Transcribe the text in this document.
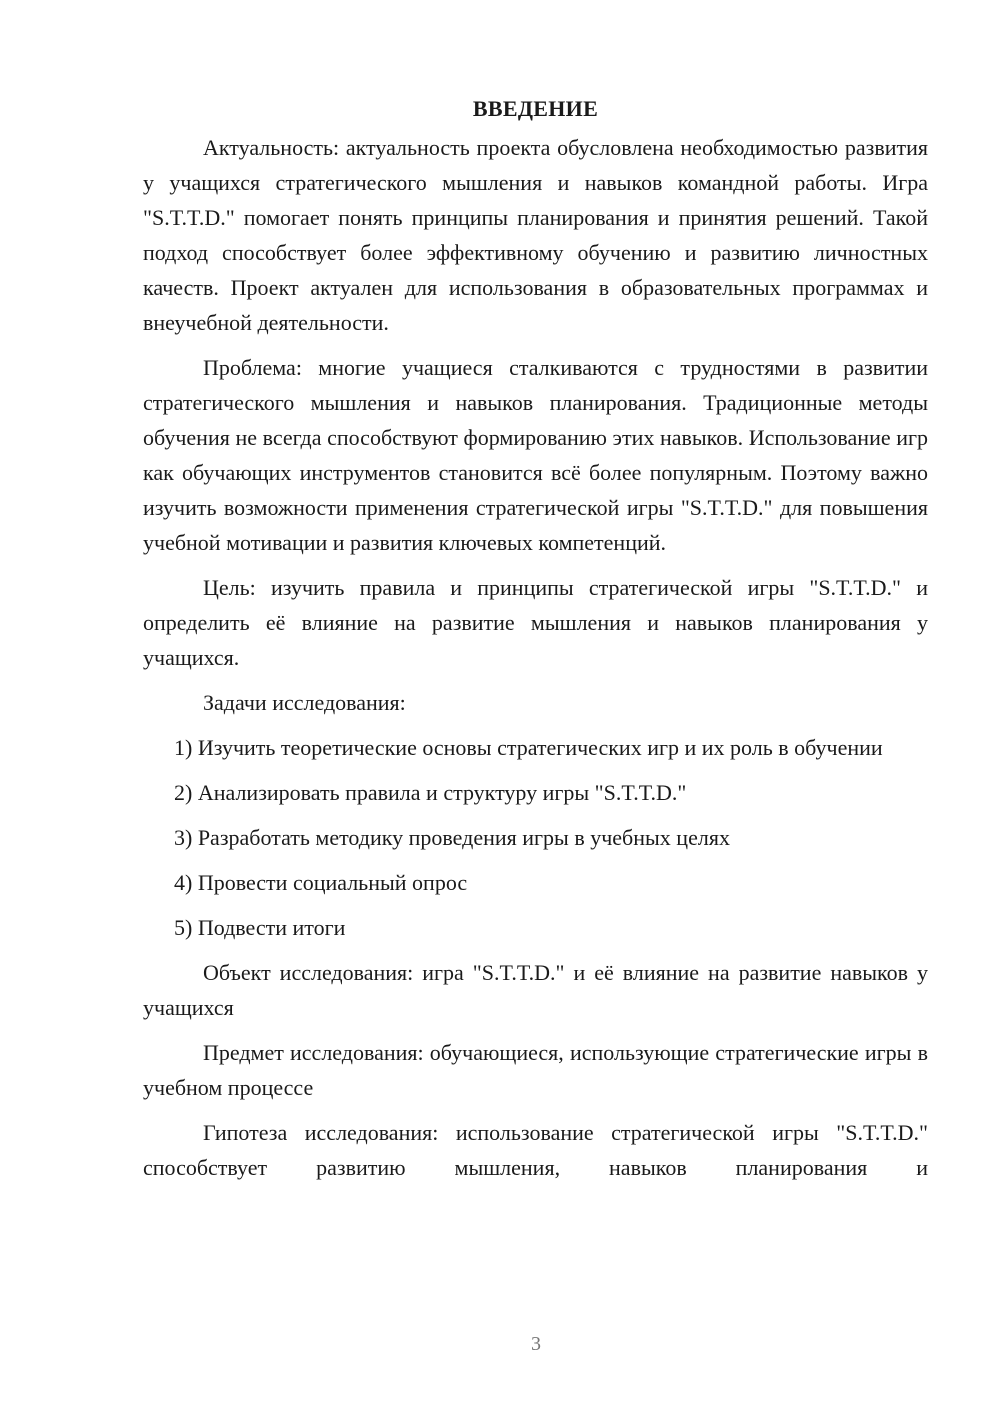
ВВЕДЕНИЕ

Актуальность: актуальность проекта обусловлена необходимостью развития у учащихся стратегического мышления и навыков командной работы. Игра "S.T.T.D." помогает понять принципы планирования и принятия решений. Такой подход способствует более эффективному обучению и развитию личностных качеств. Проект актуален для использования в образовательных программах и внеучебной деятельности.

Проблема: многие учащиеся сталкиваются с трудностями в развитии стратегического мышления и навыков планирования. Традиционные методы обучения не всегда способствуют формированию этих навыков. Использование игр как обучающих инструментов становится всё более популярным. Поэтому важно изучить возможности применения стратегической игры "S.T.T.D." для повышения учебной мотивации и развития ключевых компетенций.

Цель: изучить правила и принципы стратегической игры "S.T.T.D." и определить её влияние на развитие мышления и навыков планирования у учащихся.

Задачи исследования:

1) Изучить теоретические основы стратегических игр и их роль в обучении

2) Анализировать правила и структуру игры "S.T.T.D."

3) Разработать методику проведения игры в учебных целях

4) Провести социальный опрос

5) Подвести итоги

Объект исследования: игра "S.T.T.D." и её влияние на развитие навыков у учащихся

Предмет исследования: обучающиеся, использующие стратегические игры в учебном процессе

Гипотеза исследования: использование стратегической игры "S.T.T.D." способствует развитию мышления, навыков планирования и

3
